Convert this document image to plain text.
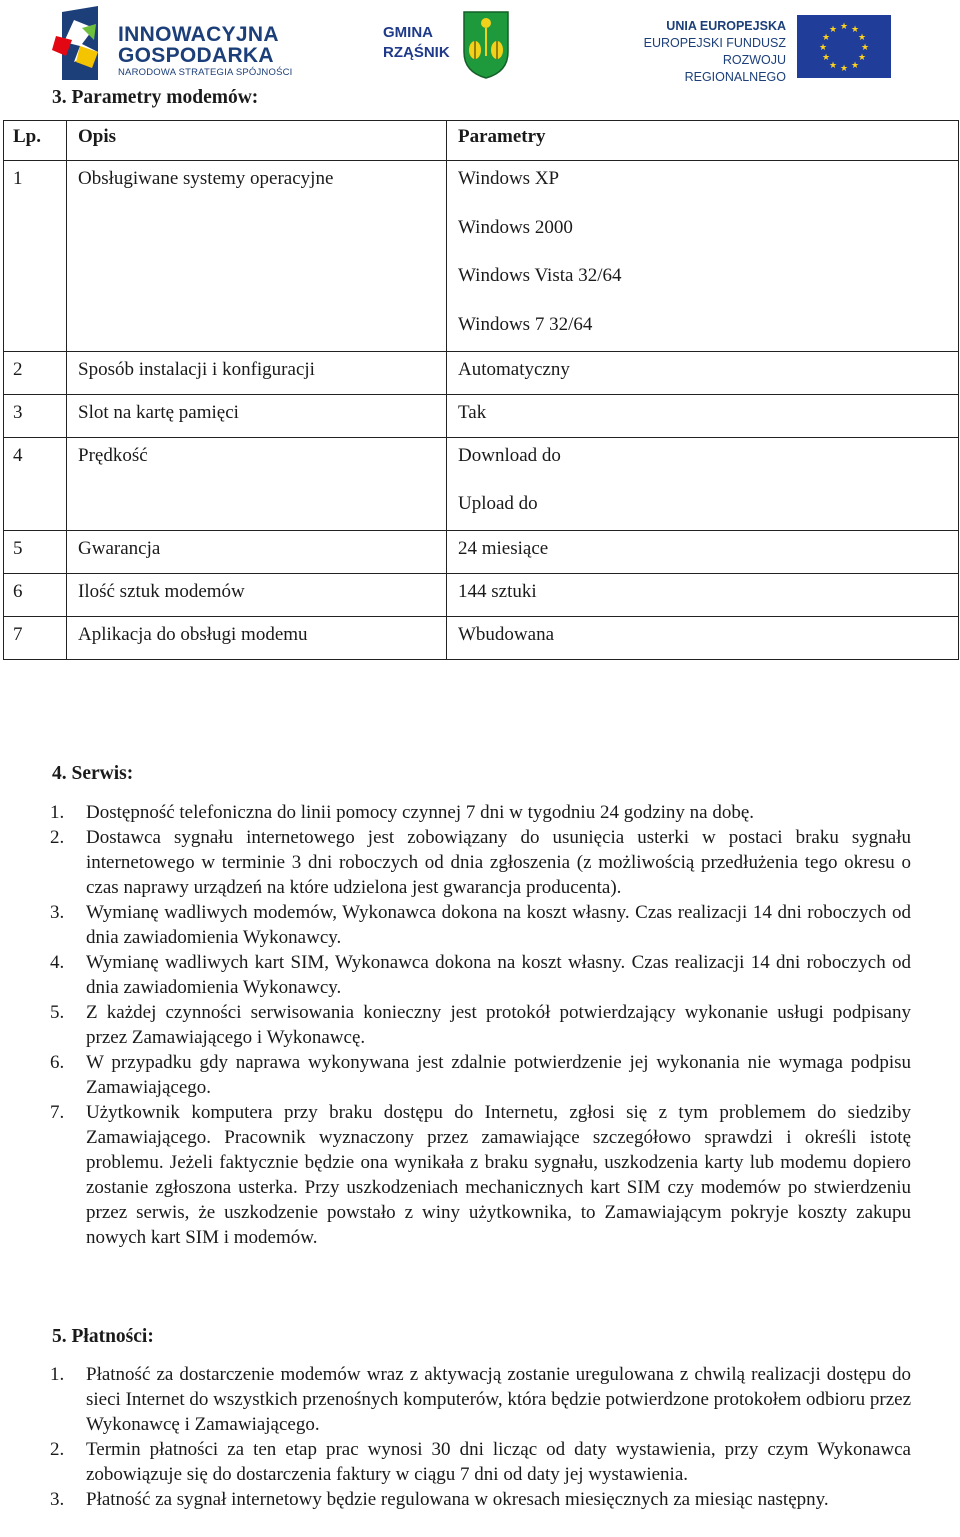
INNOWACYJNA
GOSPODARKA
NARODOWA STRATEGIA SPÓJNOŚCI
GMINA
RZĄŚNIK
UNIA EUROPEJSKA
EUROPEJSKI FUNDUSZ
ROZWOJU REGIONALNEGO
★ ★
★
★
★
★
★
★
★
★
★
★
3. Parametry modemów:
Lp.	Opis	Parametry

1	Obsługiwane systemy operacyjne	Windows XP
Windows 2000
Windows Vista 32/64
Windows 7 32/64

2	Sposób instalacji i konfiguracji	Automatyczny

3	Slot na kartę pamięci	Tak

4	Prędkość	Download do
Upload do

5	Gwarancja	24 miesiące

6	Ilość sztuk modemów	144 sztuki

7	Aplikacja do obsługi modemu	Wbudowana
4. Serwis:
1. Dostępność telefoniczna do linii pomocy czynnej 7 dni w tygodniu 24 godziny na dobę.
2. Dostawca sygnału internetowego jest zobowiązany do usunięcia usterki w postaci braku sygnału internetowego w terminie 3 dni roboczych od dnia zgłoszenia (z możliwością przedłużenia tego okresu o czas naprawy urządzeń na które udzielona jest gwarancja producenta).
3. Wymianę wadliwych modemów, Wykonawca dokona na koszt własny. Czas realizacji 14 dni roboczych od dnia zawiadomienia Wykonawcy.
4. Wymianę wadliwych kart SIM, Wykonawca dokona na koszt własny. Czas realizacji 14 dni roboczych od dnia zawiadomienia Wykonawcy.
5. Z każdej czynności serwisowania konieczny jest protokół potwierdzający wykonanie usługi podpisany przez Zamawiającego i Wykonawcę.
6. W przypadku gdy naprawa wykonywana jest zdalnie potwierdzenie jej wykonania nie wymaga podpisu Zamawiającego.
7. Użytkownik komputera przy braku dostępu do Internetu, zgłosi się z tym problemem do siedziby Zamawiającego. Pracownik wyznaczony przez zamawiające szczegółowo sprawdzi i określi istotę problemu. Jeżeli faktycznie będzie ona wynikała z braku sygnału, uszkodzenia karty lub modemu dopiero zostanie zgłoszona usterka. Przy uszkodzeniach mechanicznych kart SIM czy modemów po stwierdzeniu przez serwis, że uszkodzenie powstało z winy użytkownika, to Zamawiającym pokryje koszty zakupu nowych kart SIM i modemów.
5. Płatności:
1. Płatność za dostarczenie modemów wraz z aktywacją zostanie uregulowana z chwilą realizacji dostępu do sieci Internet do wszystkich przenośnych komputerów, która będzie potwierdzone protokołem odbioru przez Wykonawcę i Zamawiającego.
2. Termin płatności za ten etap prac wynosi 30 dni licząc od daty wystawienia, przy czym Wykonawca zobowiązuje się do dostarczenia faktury w ciągu 7 dni od daty jej wystawienia.
3. Płatność za sygnał internetowy będzie regulowana w okresach miesięcznych za miesiąc następny.
